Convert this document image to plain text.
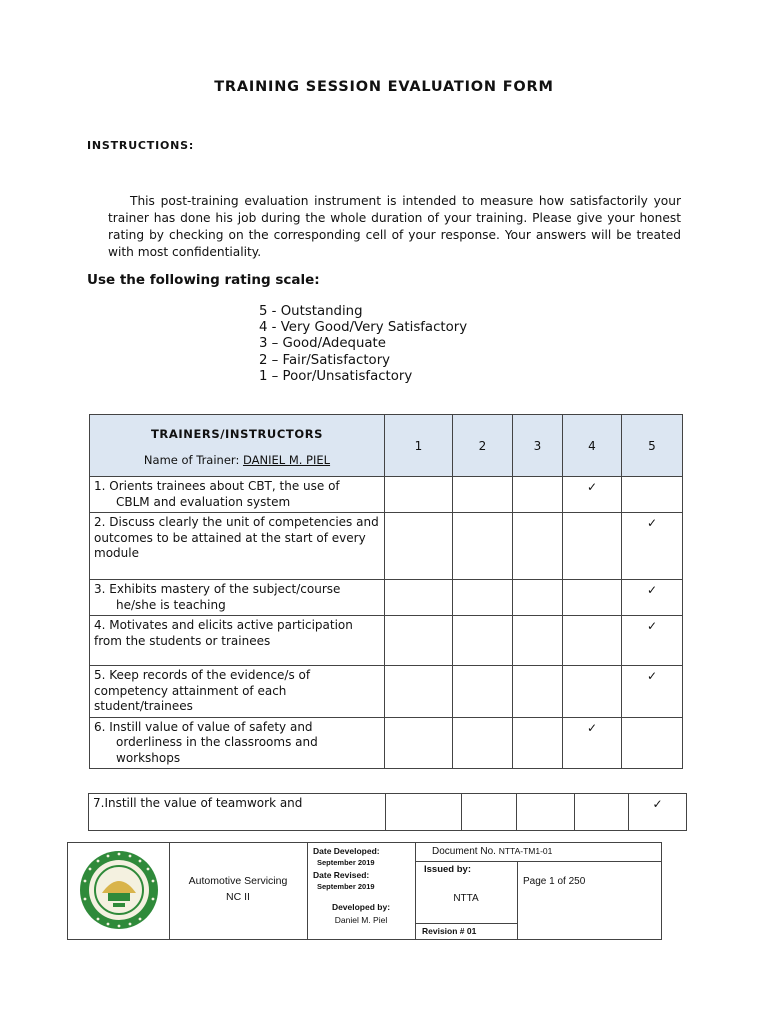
TRAINING SESSION EVALUATION FORM
INSTRUCTIONS:

This post-training evaluation instrument is intended to measure how satisfactorily your trainer has done his job during the whole duration of your training. Please give your honest rating by checking on the corresponding cell of your response. Your answers will be treated with most confidentiality.

Use the following rating scale:
5 - Outstanding
4 - Very Good/Very Satisfactory
3 – Good/Adequate
2 – Fair/Satisfactory
1 – Poor/Unsatisfactory
TRAINERS/INSTRUCTORS
Name of Trainer: DANIEL M. PIEL	1	2	3	4	5
1. Orients trainees about CBT, the use of
CBLM and evaluation system				✓	
2. Discuss clearly the unit of competencies and outcomes to be attained at the start of every module					✓
3. Exhibits mastery of the subject/course
he/she is teaching					✓
4. Motivates and elicits active participation from the students or trainees					✓
5. Keep records of the evidence/s of competency attainment of each student/trainees					✓
6. Instill value of value of safety and
orderliness in the classrooms and workshops				✓	
7.Instill the value of teamwork and					✓
Automotive Servicing
NC II
Date Developed:
September 2019
Date Revised:
September 2019
Developed by:
Daniel M. Piel
Document No. NTTA-TM1-01
Issued by:
NTTA
Revision # 01
Page 1 of 250
